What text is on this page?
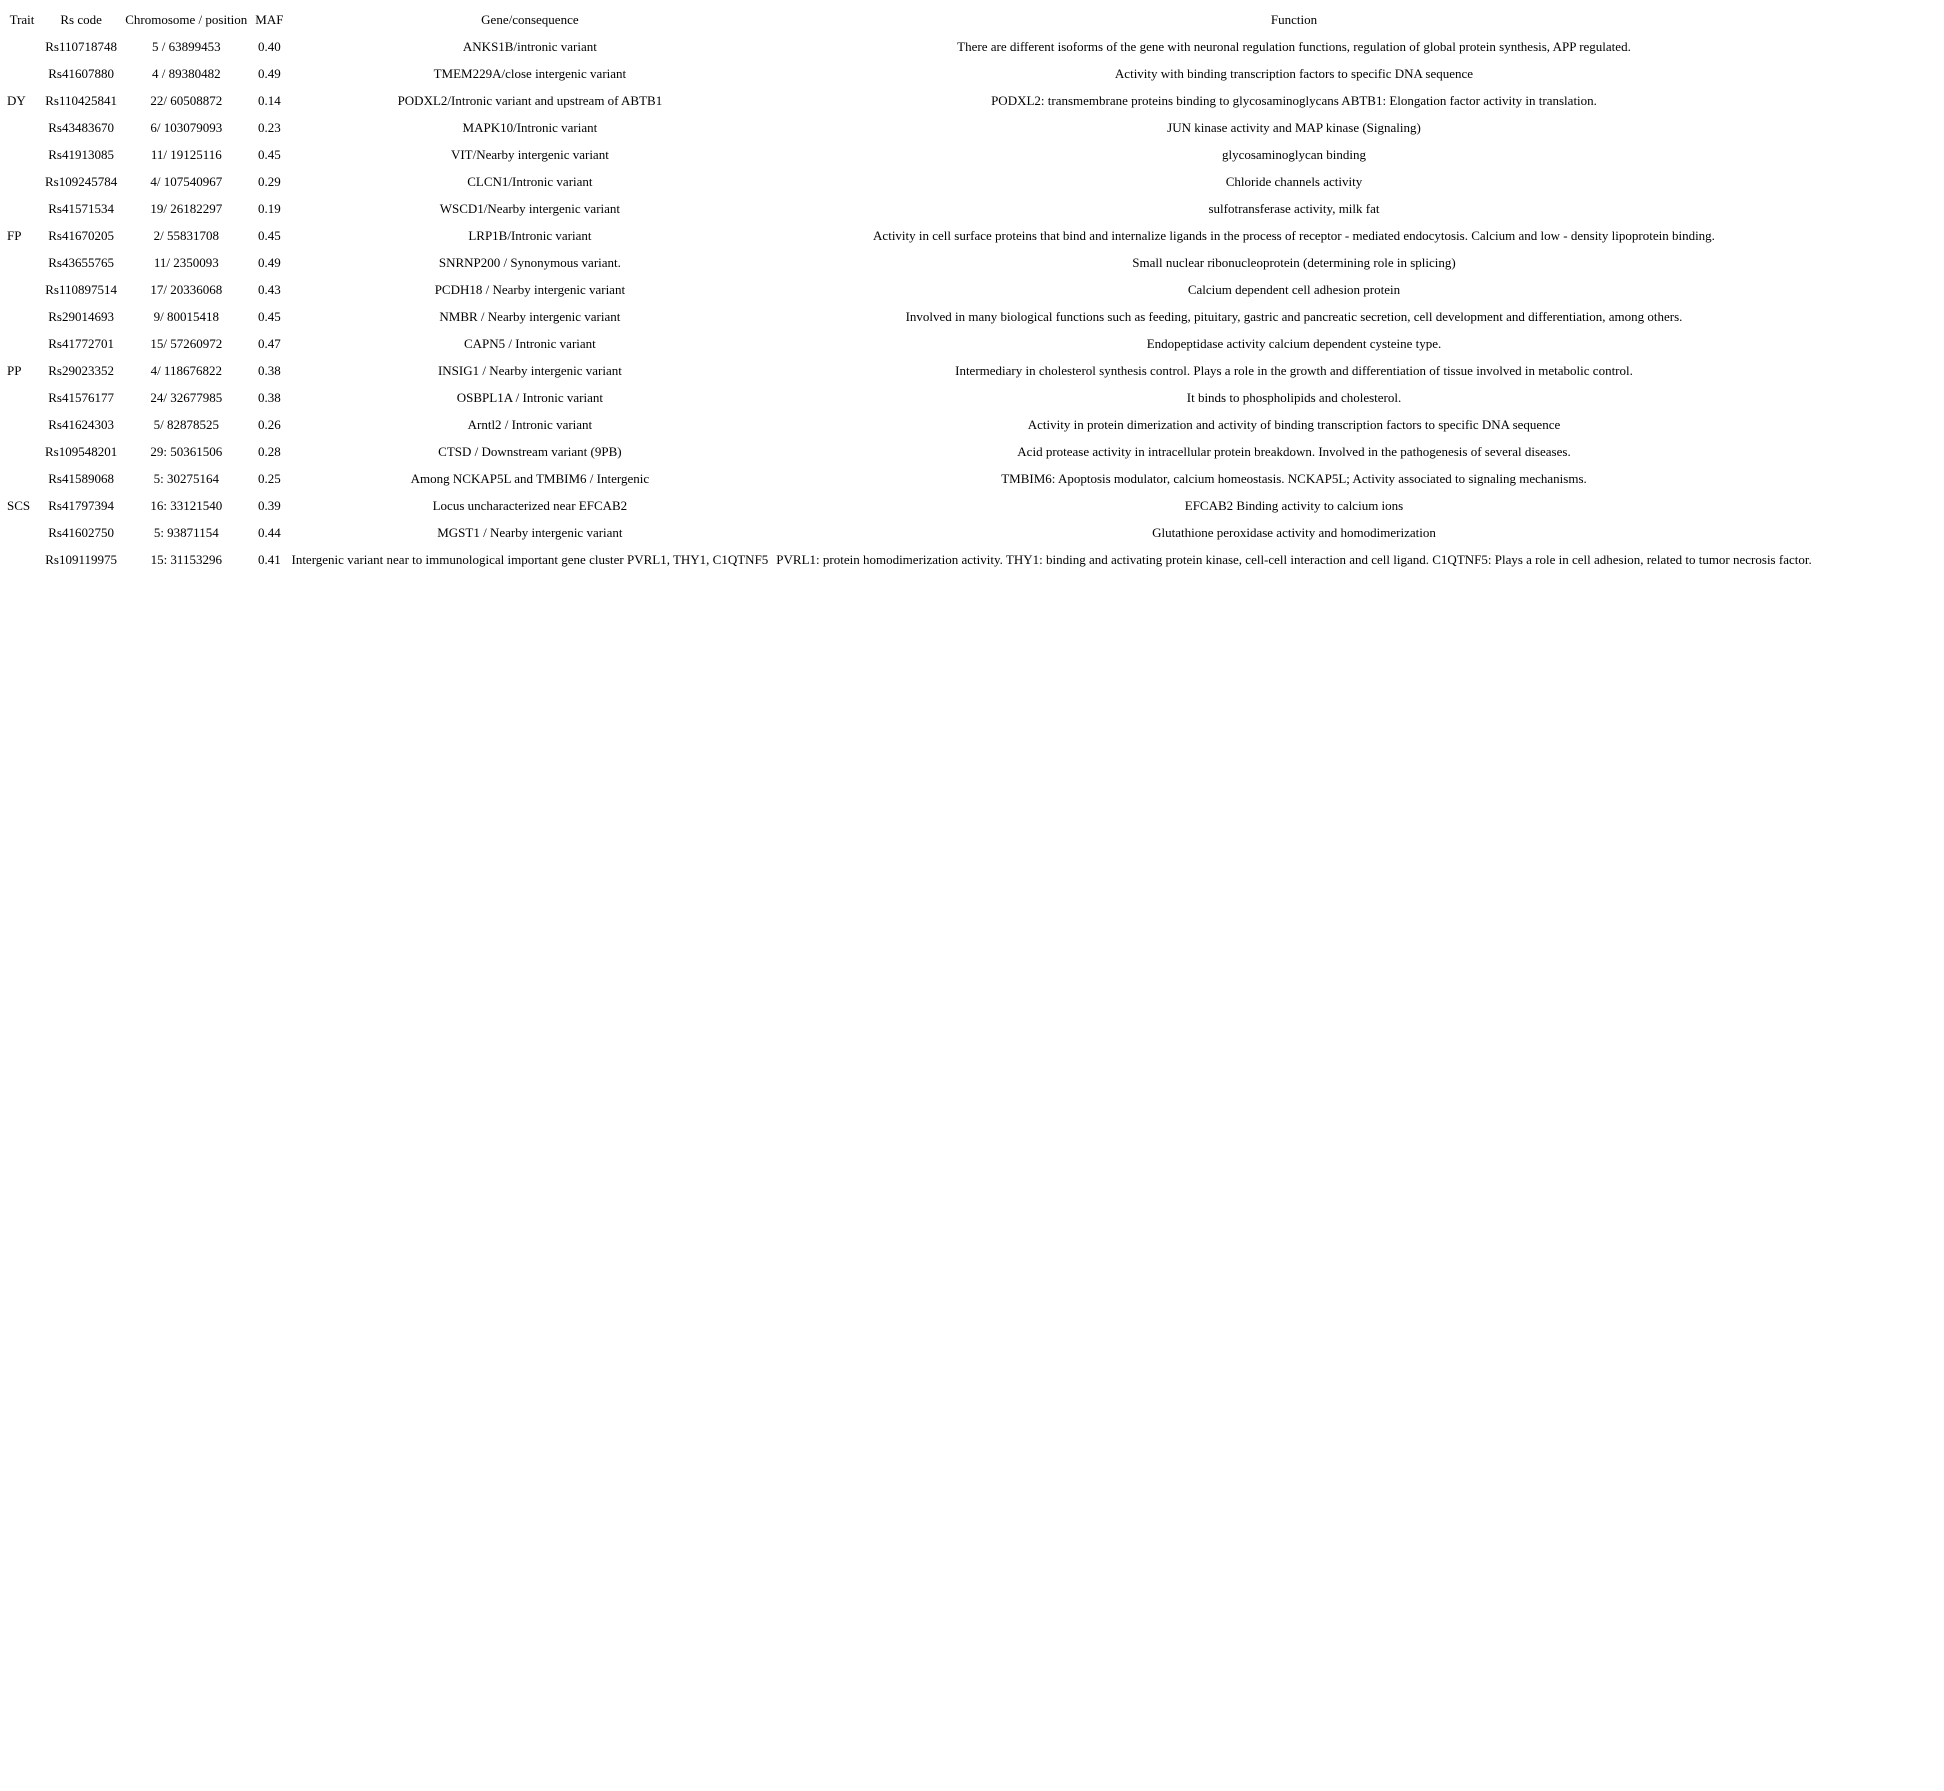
Trait	Rs code	Chromosome / position	MAF	Gene/consequence	Function
	Rs110718748	5 / 63899453	0.40	ANKS1B/intronic variant	There are different isoforms of the gene with neuronal regulation functions, regulation of global protein synthesis, APP regulated.
	Rs41607880	4 / 89380482	0.49	TMEM229A/close intergenic variant	Activity with binding transcription factors to specific DNA sequence
DY	Rs110425841	22/ 60508872	0.14	PODXL2/Intronic variant and upstream of ABTB1	PODXL2: transmembrane proteins binding to glycosaminoglycans ABTB1: Elongation factor activity in translation.
	Rs43483670	6/ 103079093	0.23	MAPK10/Intronic variant	JUN kinase activity and MAP kinase (Signaling)
	Rs41913085	11/ 19125116	0.45	VIT/Nearby intergenic variant	glycosaminoglycan binding
	Rs109245784	4/ 107540967	0.29	CLCN1/Intronic variant	Chloride channels activity
	Rs41571534	19/ 26182297	0.19	WSCD1/Nearby intergenic variant	sulfotransferase activity, milk fat
FP	Rs41670205	2/ 55831708	0.45	LRP1B/Intronic variant	Activity in cell surface proteins that bind and internalize ligands in the process of receptor - mediated endocytosis. Calcium and low - density lipoprotein binding.
	Rs43655765	11/ 2350093	0.49	SNRNP200 / Synonymous variant.	Small nuclear ribonucleoprotein (determining role in splicing)
	Rs110897514	17/ 20336068	0.43	PCDH18 / Nearby intergenic variant	Calcium dependent cell adhesion protein
	Rs29014693	9/ 80015418	0.45	NMBR / Nearby intergenic variant	Involved in many biological functions such as feeding, pituitary, gastric and pancreatic secretion, cell development and differentiation, among others.
	Rs41772701	15/ 57260972	0.47	CAPN5 / Intronic variant	Endopeptidase activity calcium dependent cysteine type.
PP	Rs29023352	4/ 118676822	0.38	INSIG1 / Nearby intergenic variant	Intermediary in cholesterol synthesis control. Plays a role in the growth and differentiation of tissue involved in metabolic control.
	Rs41576177	24/ 32677985	0.38	OSBPL1A / Intronic variant	It binds to phospholipids and cholesterol.
	Rs41624303	5/ 82878525	0.26	Arntl2 / Intronic variant	Activity in protein dimerization and activity of binding transcription factors to specific DNA sequence
	Rs109548201	29: 50361506	0.28	CTSD / Downstream variant (9PB)	Acid protease activity in intracellular protein breakdown. Involved in the pathogenesis of several diseases.
	Rs41589068	5: 30275164	0.25	Among NCKAP5L and TMBIM6 / Intergenic	TMBIM6: Apoptosis modulator, calcium homeostasis. NCKAP5L; Activity associated to signaling mechanisms.
SCS	Rs41797394	16: 33121540	0.39	Locus uncharacterized near EFCAB2	EFCAB2 Binding activity to calcium ions
	Rs41602750	5: 93871154	0.44	MGST1 / Nearby intergenic variant	Glutathione peroxidase activity and homodimerization
	Rs109119975	15: 31153296	0.41	Intergenic variant near to immunological important gene cluster PVRL1, THY1, C1QTNF5	PVRL1: protein homodimerization activity. THY1: binding and activating protein kinase, cell-cell interaction and cell ligand. C1QTNF5: Plays a role in cell adhesion, related to tumor necrosis factor.
